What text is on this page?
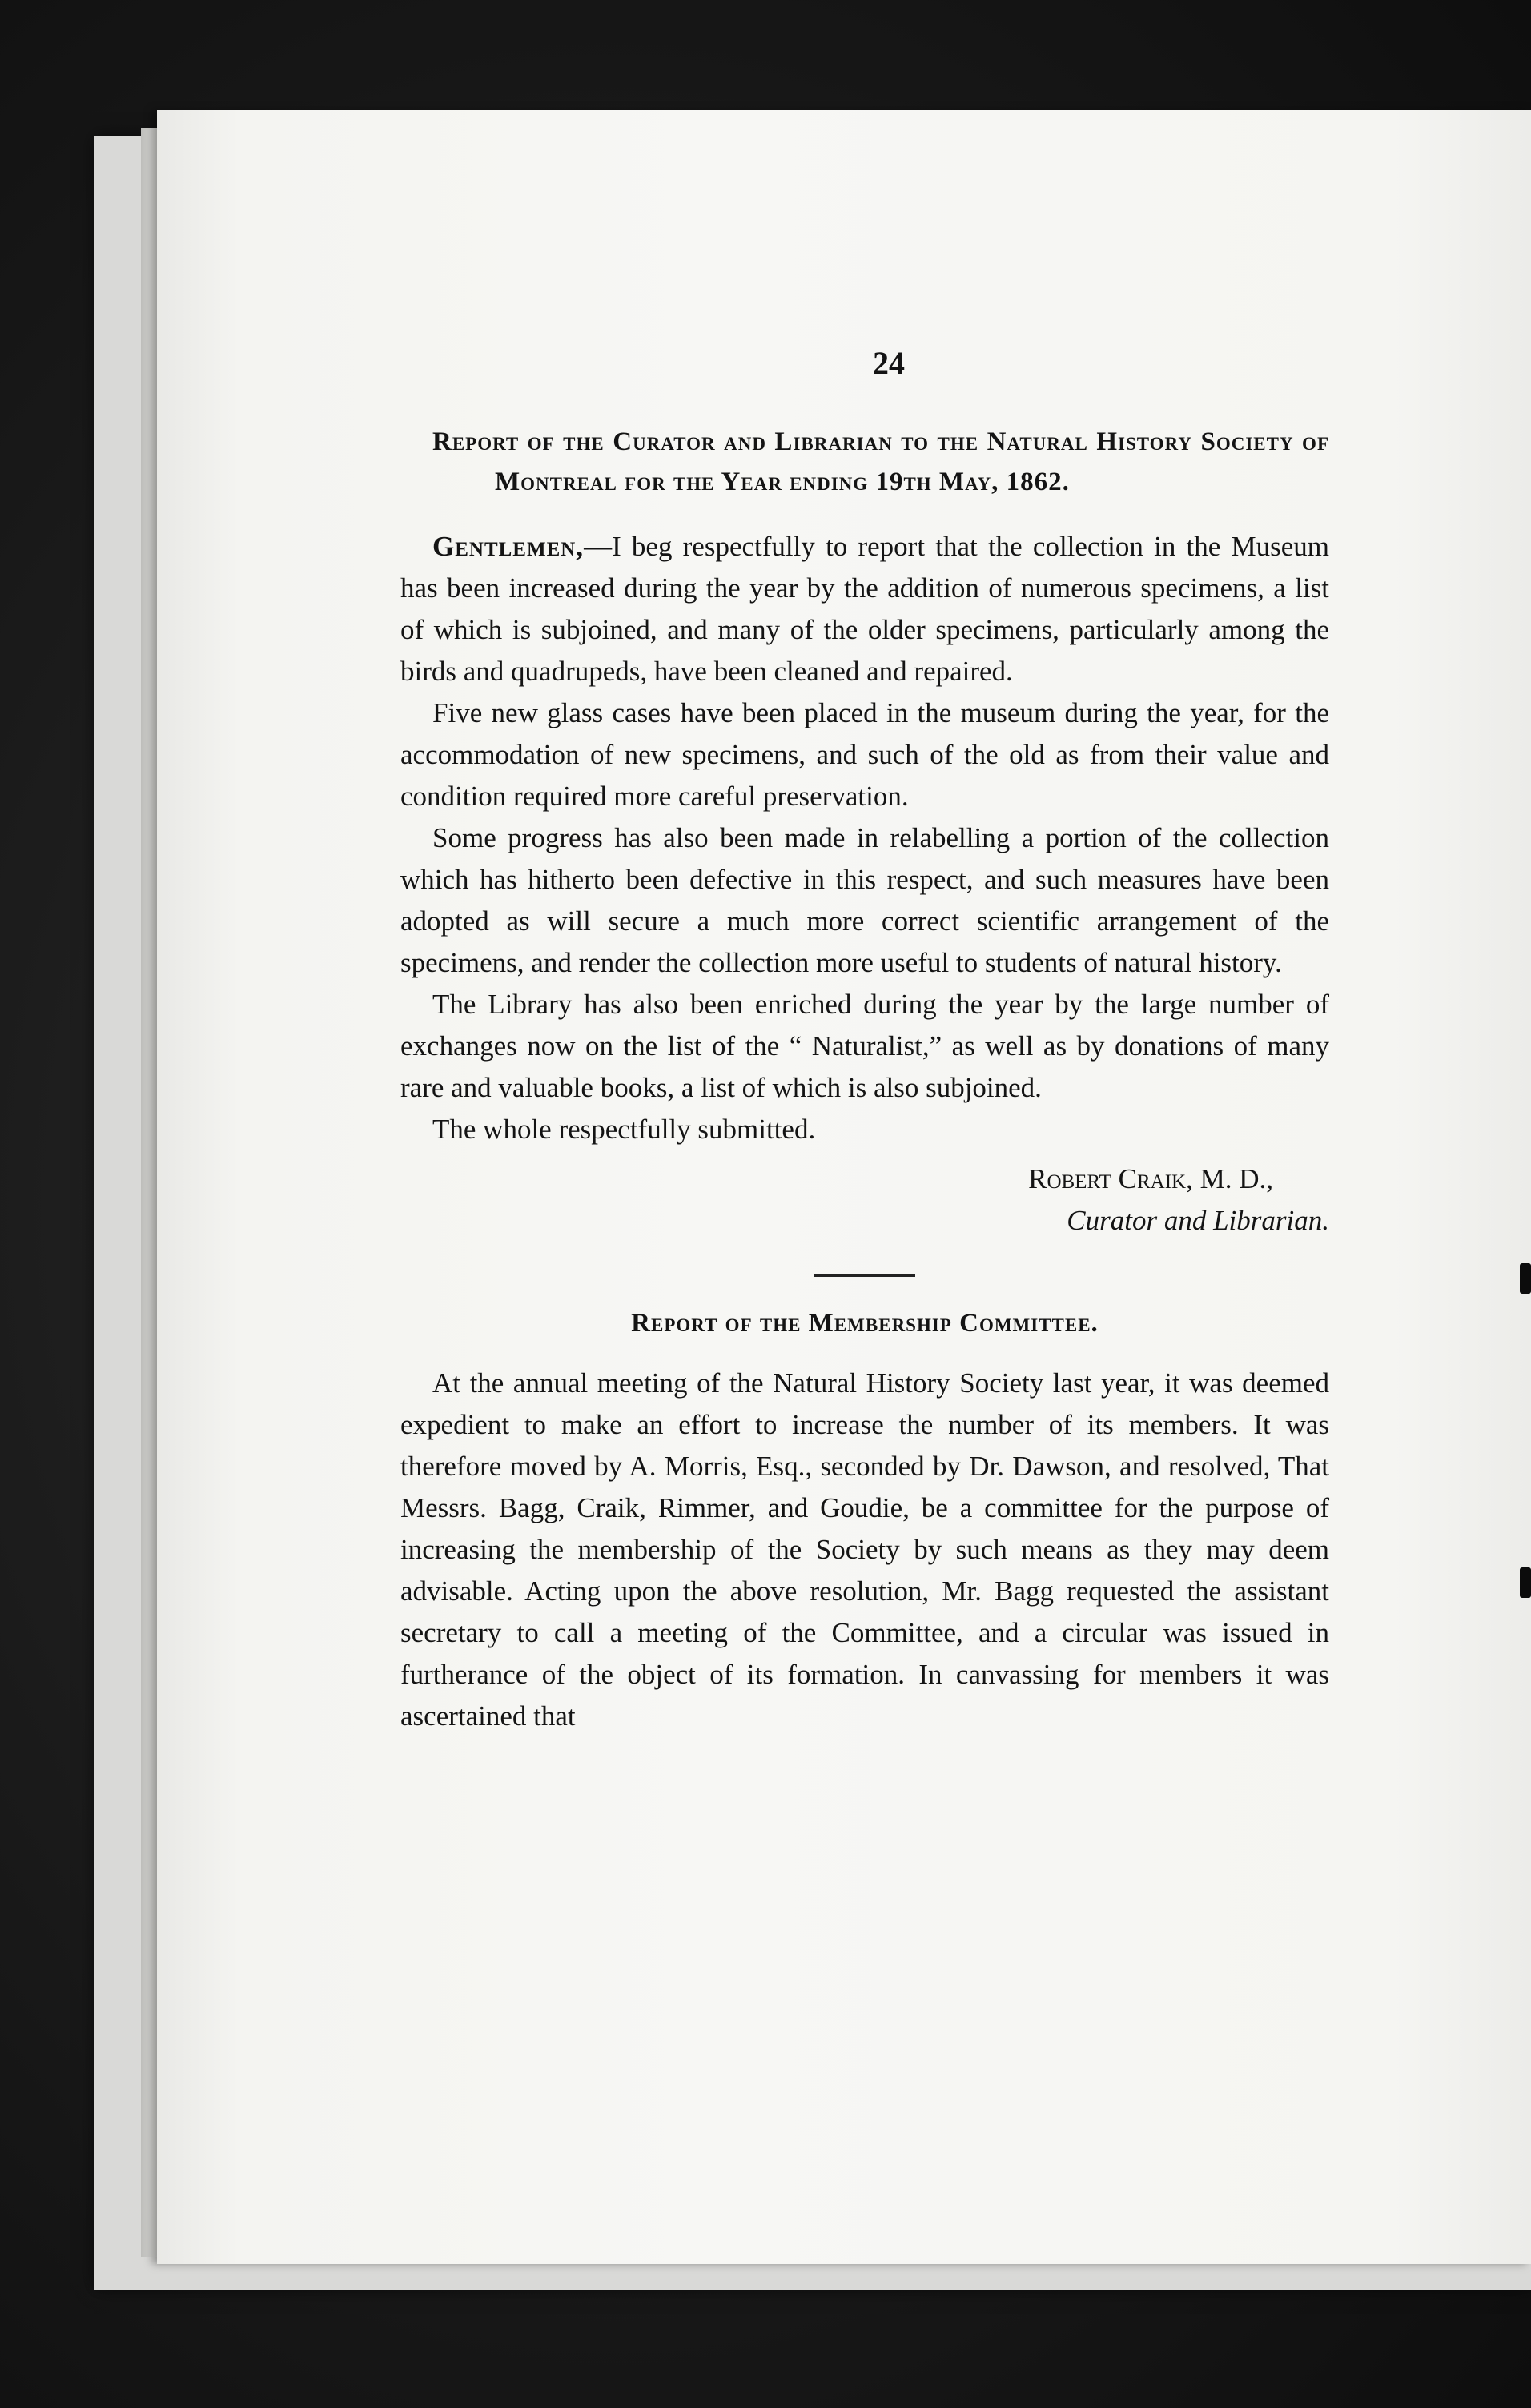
24
Report of the Curator and Librarian to the Natural History Society of Montreal for the Year ending 19th May, 1862.

Gentlemen,—I beg respectfully to report that the collection in the Museum has been increased during the year by the addition of numerous specimens, a list of which is subjoined, and many of the older specimens, particularly among the birds and quadrupeds, have been cleaned and repaired.

Five new glass cases have been placed in the museum during the year, for the accommodation of new specimens, and such of the old as from their value and condition required more careful preservation.

Some progress has also been made in relabelling a portion of the collection which has hitherto been defective in this respect, and such measures have been adopted as will secure a much more correct scientific arrangement of the specimens, and render the collection more useful to students of natural history.

The Library has also been enriched during the year by the large number of exchanges now on the list of the “ Naturalist,” as well as by donations of many rare and valuable books, a list of which is also subjoined.

The whole respectfully submitted.

Robert Craik, M. D.,
Curator and Librarian.
Report of the Membership Committee.

At the annual meeting of the Natural History Society last year, it was deemed expedient to make an effort to increase the number of its members. It was therefore moved by A. Morris, Esq., seconded by Dr. Dawson, and resolved, That Messrs. Bagg, Craik, Rimmer, and Goudie, be a committee for the purpose of increasing the membership of the Society by such means as they may deem advisable. Acting upon the above resolution, Mr. Bagg requested the assistant secretary to call a meeting of the Committee, and a circular was issued in furtherance of the object of its formation. In canvassing for members it was ascertained that
